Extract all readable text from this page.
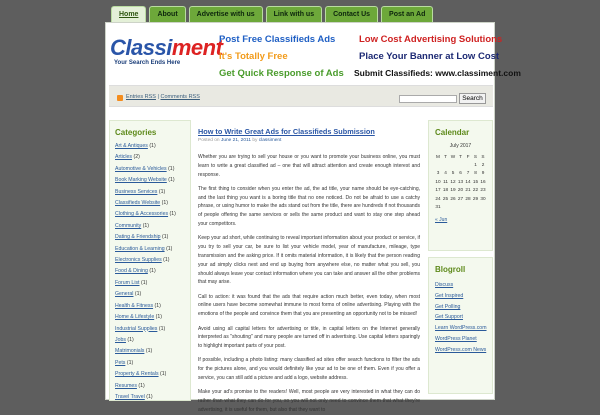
Home	About	Advertise with us	Link with us	Contact Us	Post an Ad
Classiment
Your Search Ends Here
Post Free Classifieds Ads
It's Totally Free
Get Quick Response of Ads
Low Cost Advertising Solutions
Place Your Banner at Low Cost
Submit Classifieds: www.classiment.com
Entries RSS | Comments RSS	Search
Categories
Art & Antiques (1)
Articles (2)
Automotive & Vehicles (1)
Book Marking Website (1)
Business Services (1)
Classifieds Website (1)
Clothing & Accessories (1)
Community (1)
Dating & Friendship (1)
Education & Learning (1)
Electronics Supplies (1)
Food & Dining (1)
Forum List (1)
General (1)
Health & Fitness (1)
Home & Lifestyle (1)
Industrial Supplies (1)
Jobs (1)
Matrimonials (1)
Pets (1)
Property & Rentals (1)
Resumes (1)
Travel Travel (1)
How to Write Great Ads for Classifieds Submission
Posted on June 21, 2011 by classiment

Whether you are trying to sell your house or you want to promote your business online, you must learn to write a great classified ad – one that will attract attention and create enough interest and response.

The first thing to consider when you enter the ad, the ad title, your name should be eye-catching, and the last thing you want is a boring title that no one noticed. Do not be afraid to use a catchy phrase, or using humor to make the ads stand out from the title, there are hundreds if not thousands of people offering the same services or sells the same product and want to stay one step ahead your competitors.

Keep your ad short, while continuing to reveal important information about your product or service, if you try to sell your car, be sure to list your vehicle model, year of manufacture, mileage, type transmission and the asking price. If it omits material information, it is likely that the person reading your ad simply clicks next and end up buying from anywhere else, no matter what you sell, you should always leave your contact information where you can take and answer all the other problems that may arise.

Call to action: it was found that the ads that require action much better, even today, when most online users have become somewhat immune to most forms of online advertising. Playing with the emotions of the people and convince them that you are presenting an opportunity not to be missed!

Avoid using all capital letters for advertising or title, in capital letters on the Internet generally interpreted as "shouting" and many people are turned off in advertising. Use capital letters sparingly to highlight important parts of your post.

If possible, including a photo listing: many classified ad sites offer search functions to filter the ads for the pictures alone, and you would definitely like your ad to be one of them. Even if you offer a service, you can still add a picture and add a logo, website address.

Make your ad's promise to the readers! Well, most people are very interested in what they can do rather than what they can do for you, so you will not only need to convince them that what they're advertising, it is useful for them, but also that they want to

Calendar
July 2017
M	T	W	T	F	S	S
					1	2
3	4	5	6	7	8	9
10	11	12	13	14	15	16
17	18	19	20	21	22	23
24	25	26	27	28	29	30
31						
« Jun
Blogroll
Discuss
Get Inspired
Get Polling
Get Support
Learn WordPress.com
WordPress Planet
WordPress.com News
